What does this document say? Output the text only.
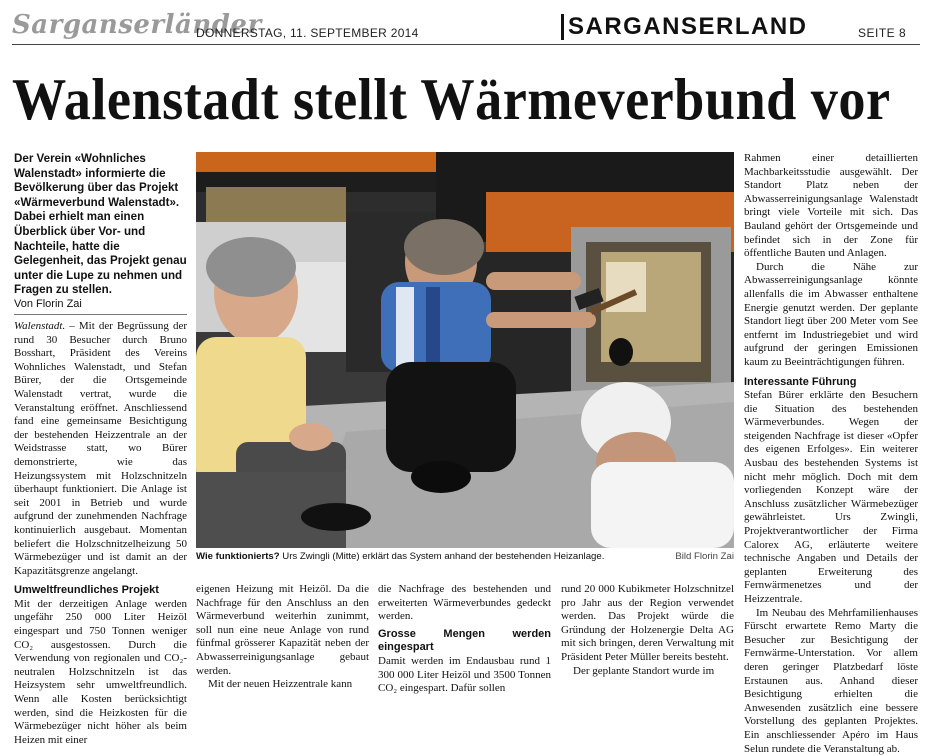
Sarganserländer
DONNERSTAG, 11. SEPTEMBER 2014	SARGANSERLAND	SEITE 8
Walenstadt stellt Wärmeverbund vor
Der Verein «Wohnliches Walenstadt» informierte die Bevölkerung über das Projekt «Wärmeverbund Walenstadt». Dabei erhielt man einen Überblick über Vor- und Nachteile, hatte die Gelegenheit, das Projekt genau unter die Lupe zu nehmen und Fragen zu stellen.
Von Florin Zai

Walenstadt. – Mit der Begrüssung der rund 30 Besucher durch Bruno Bosshart, Präsident des Vereins Wohnliches Walenstadt, und Stefan Bürer, der die Ortsgemeinde Walenstadt vertrat, wurde die Veranstaltung eröffnet. Anschliessend fand eine gemeinsame Besichtigung der bestehenden Heizzentrale an der Weidstrasse statt, wo Bürer demonstrierte, wie das Heizungssystem mit Holzschnitzeln überhaupt funktioniert. Die Anlage ist seit 2001 in Betrieb und wurde aufgrund der zunehmenden Nachfrage kontinuierlich ausgebaut. Momentan beliefert die Holzschnitzelheizung 50 Wärmebezüger und ist damit an der Kapazitätsgrenze angelangt.

Umweltfreundliches Projekt

Mit der derzeitigen Anlage werden ungefähr 250 000 Liter Heizöl eingespart und 750 Tonnen weniger CO₂ ausgestossen. Durch die Verwendung von regionalen und CO₂-neutralen Holzschnitzeln ist das Heizsystem sehr umweltfreundlich. Wenn alle Kosten berücksichtigt werden, sind die Heizkosten für die Wärmebezüger nicht höher als beim Heizen mit einer

Wie funktionierts? Urs Zwingli (Mitte) erklärt das System anhand der bestehenden Heizanlage.	Bild Florin Zai

eigenen Heizung mit Heizöl. Da die Nachfrage für den Anschluss an den Wärmeverbund weiterhin zunimmt, soll nun eine neue Anlage von rund fünfmal grösserer Kapazität neben der Abwasserreinigungsanlage gebaut werden.

Mit der neuen Heizzentrale kann

die Nachfrage des bestehenden und erweiterten Wärmeverbundes gedeckt werden.

Grosse Mengen werden eingespart

Damit werden im Endausbau rund 1 300 000 Liter Heizöl und 3500 Tonnen CO₂ eingespart. Dafür sollen

rund 20 000 Kubikmeter Holzschnitzel pro Jahr aus der Region verwendet werden. Das Projekt würde die Gründung der Holzenergie Delta AG mit sich bringen, deren Verwaltung mit Präsident Peter Müller bereits besteht.

Der geplante Standort wurde im

Rahmen einer detaillierten Machbarkeitsstudie ausgewählt. Der Standort Platz neben der Abwasserreinigungsanlage Walenstadt bringt viele Vorteile mit sich. Das Bauland gehört der Ortsgemeinde und befindet sich in der Zone für öffentliche Bauten und Anlagen.

Durch die Nähe zur Abwasserreinigungsanlage könnte allenfalls die im Abwasser enthaltene Energie genutzt werden. Der geplante Standort liegt über 200 Meter vom See entfernt im Industriegebiet und wird aufgrund der geringen Emissionen kaum zu Beeinträchtigungen führen.

Interessante Führung

Stefan Bürer erklärte den Besuchern die Situation des bestehenden Wärmeverbundes. Wegen der steigenden Nachfrage ist dieser «Opfer des eigenen Erfolges». Ein weiterer Ausbau des bestehenden Systems ist nicht mehr möglich. Doch mit dem vorliegenden Konzept wäre der Anschluss zusätzlicher Wärmebezüger gewährleistet. Urs Zwingli, Projektverantwortlicher der Firma Calorex AG, erläuterte weitere technische Angaben und Details der geplanten Erweiterung des Fernwärmenetzes und der Heizzentrale.

Im Neubau des Mehrfamilienhauses Fürscht erwartete Remo Marty die Besucher zur Besichtigung der Fernwärme-Unterstation. Vor allem deren geringer Platzbedarf löste Erstaunen aus. Anhand dieser Besichtigung erhielten die Anwesenden zusätzlich eine bessere Vorstellung des geplanten Projektes. Ein anschliessender Apéro im Haus Selun rundete die Veranstaltung ab.
